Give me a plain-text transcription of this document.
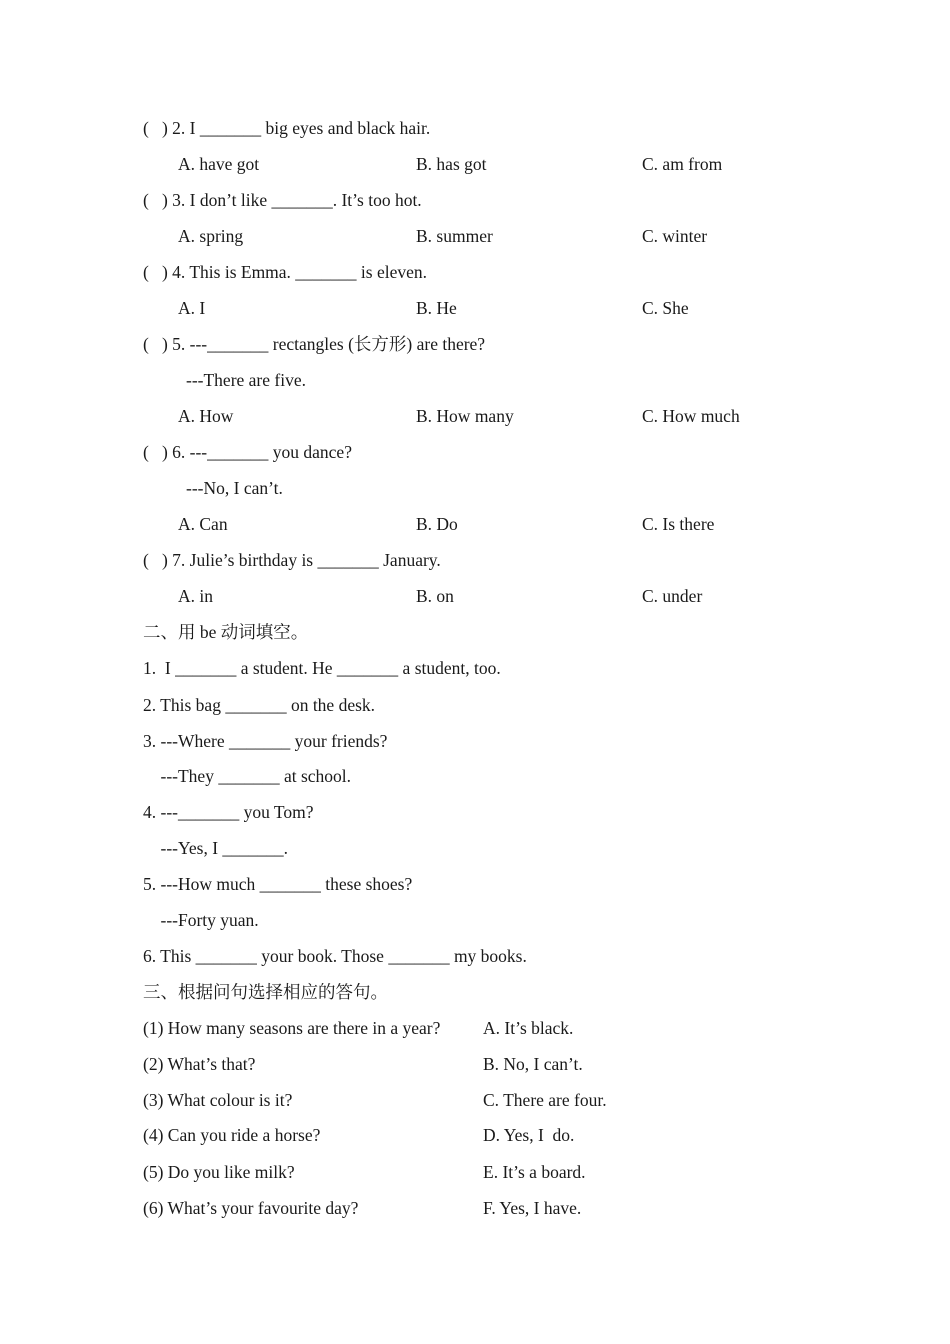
(   ) 2. I _______ big eyes and black hair.
A. have got	B. has got	C. am from
(   ) 3. I don’t like _______. It’s too hot.
A. spring	B. summer	C. winter
(   ) 4. This is Emma. _______ is eleven.
A. I	B. He	C. She
(   ) 5. ---_______ rectangles (长方形) are there?
---There are five.
A. How	B. How many	C. How much
(   ) 6. ---_______ you dance?
---No, I can’t.
A. Can	B. Do	C. Is there
(   ) 7. Julie’s birthday is _______ January.
A. in	B. on	C. under
二、用 be 动词填空。
1.  I _______ a student. He _______ a student, too.
2. This bag _______ on the desk.
3. ---Where _______ your friends?
---They _______ at school.
4. ---_______ you Tom?
---Yes, I _______.
5. ---How much _______ these shoes?
---Forty yuan.
6. This _______ your book. Those _______ my books.
三、根据问句选择相应的答句。
(1) How many seasons are there in a year? A. It’s black.
(2) What’s that?	B. No, I can’t.
(3) What colour is it?	C. There are four.
(4) Can you ride a horse?	D. Yes, I  do.
(5) Do you like milk?	E. It’s a board.
(6) What’s your favourite day?	F. Yes, I have.
